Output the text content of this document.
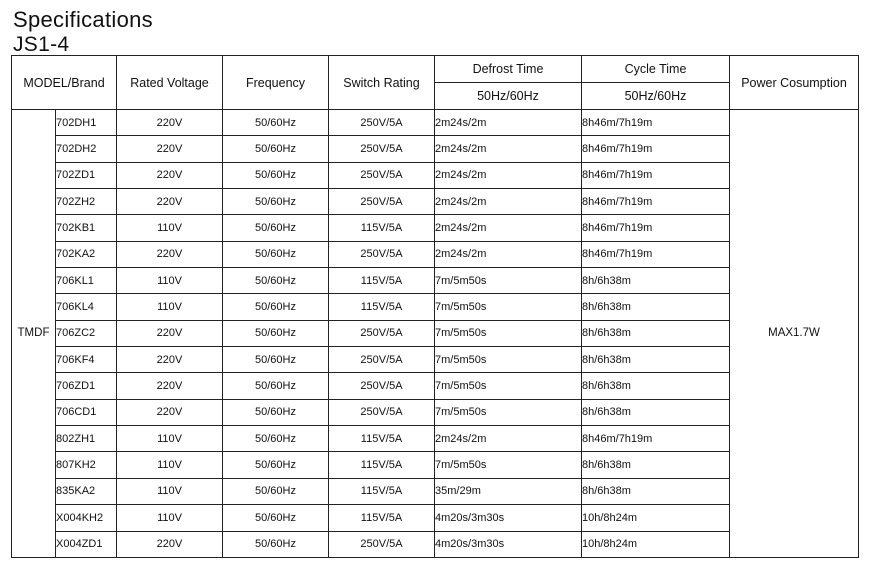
Specifications
JS1-4
MODEL/Brand		Rated Voltage	Frequency	Switch Rating	Defrost Time	Cycle Time	Power Cosumption
					50Hz/60Hz	50Hz/60Hz	
TMDF	702DH1	220V	50/60Hz	250V/5A	2m24s/2m	8h46m/7h19m	MAX1.7W
	702DH2	220V	50/60Hz	250V/5A	2m24s/2m	8h46m/7h19m	
	702ZD1	220V	50/60Hz	250V/5A	2m24s/2m	8h46m/7h19m	
	702ZH2	220V	50/60Hz	250V/5A	2m24s/2m	8h46m/7h19m	
	702KB1	110V	50/60Hz	115V/5A	2m24s/2m	8h46m/7h19m	
	702KA2	220V	50/60Hz	250V/5A	2m24s/2m	8h46m/7h19m	
	706KL1	110V	50/60Hz	115V/5A	7m/5m50s	8h/6h38m	
	706KL4	110V	50/60Hz	115V/5A	7m/5m50s	8h/6h38m	
	706ZC2	220V	50/60Hz	250V/5A	7m/5m50s	8h/6h38m	
	706KF4	220V	50/60Hz	250V/5A	7m/5m50s	8h/6h38m	
	706ZD1	220V	50/60Hz	250V/5A	7m/5m50s	8h/6h38m	
	706CD1	220V	50/60Hz	250V/5A	7m/5m50s	8h/6h38m	
	802ZH1	110V	50/60Hz	115V/5A	2m24s/2m	8h46m/7h19m	
	807KH2	110V	50/60Hz	115V/5A	7m/5m50s	8h/6h38m	
	835KA2	110V	50/60Hz	115V/5A	35m/29m	8h/6h38m	
	X004KH2	110V	50/60Hz	115V/5A	4m20s/3m30s	10h/8h24m	
	X004ZD1	220V	50/60Hz	250V/5A	4m20s/3m30s	10h/8h24m	
